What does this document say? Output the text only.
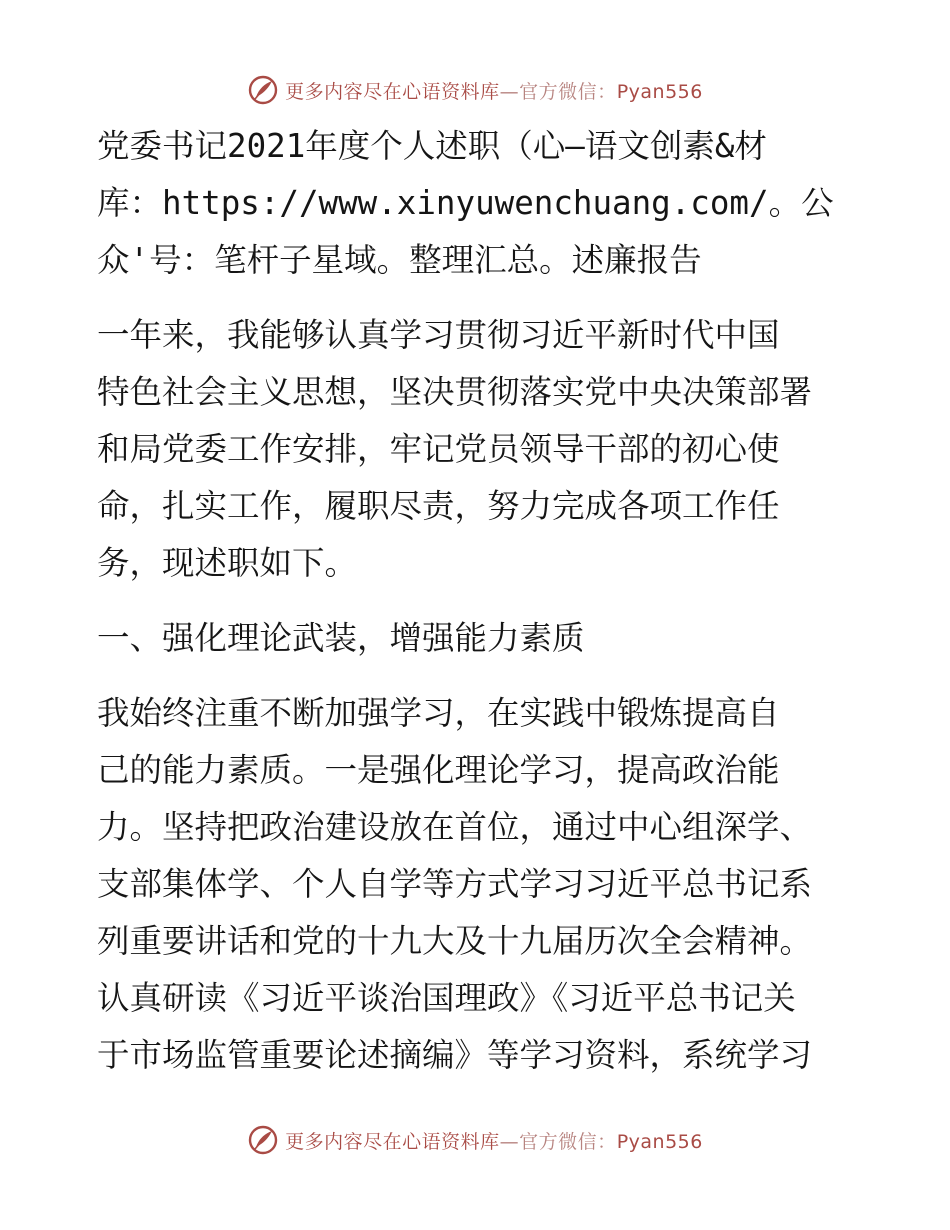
更多内容尽在心语资料库—官方微信：Pyan556
党委书记2021年度个人述职（心—语文创素&材
库：https://www.xinyuwenchuang.com/。公
众'号：笔杆子星域。整理汇总。述廉报告
一年来，我能够认真学习贯彻习近平新时代中国
特色社会主义思想，坚决贯彻落实党中央决策部署
和局党委工作安排，牢记党员领导干部的初心使
命，扎实工作，履职尽责，努力完成各项工作任
务，现述职如下。
一、强化理论武装，增强能力素质
我始终注重不断加强学习，在实践中锻炼提高自
己的能力素质。一是强化理论学习，提高政治能
力。坚持把政治建设放在首位，通过中心组深学、
支部集体学、个人自学等方式学习习近平总书记系
列重要讲话和党的十九大及十九届历次全会精神。
认真研读《习近平谈治国理政》《习近平总书记关
于市场监管重要论述摘编》等学习资料，系统学习
更多内容尽在心语资料库—官方微信：Pyan556
